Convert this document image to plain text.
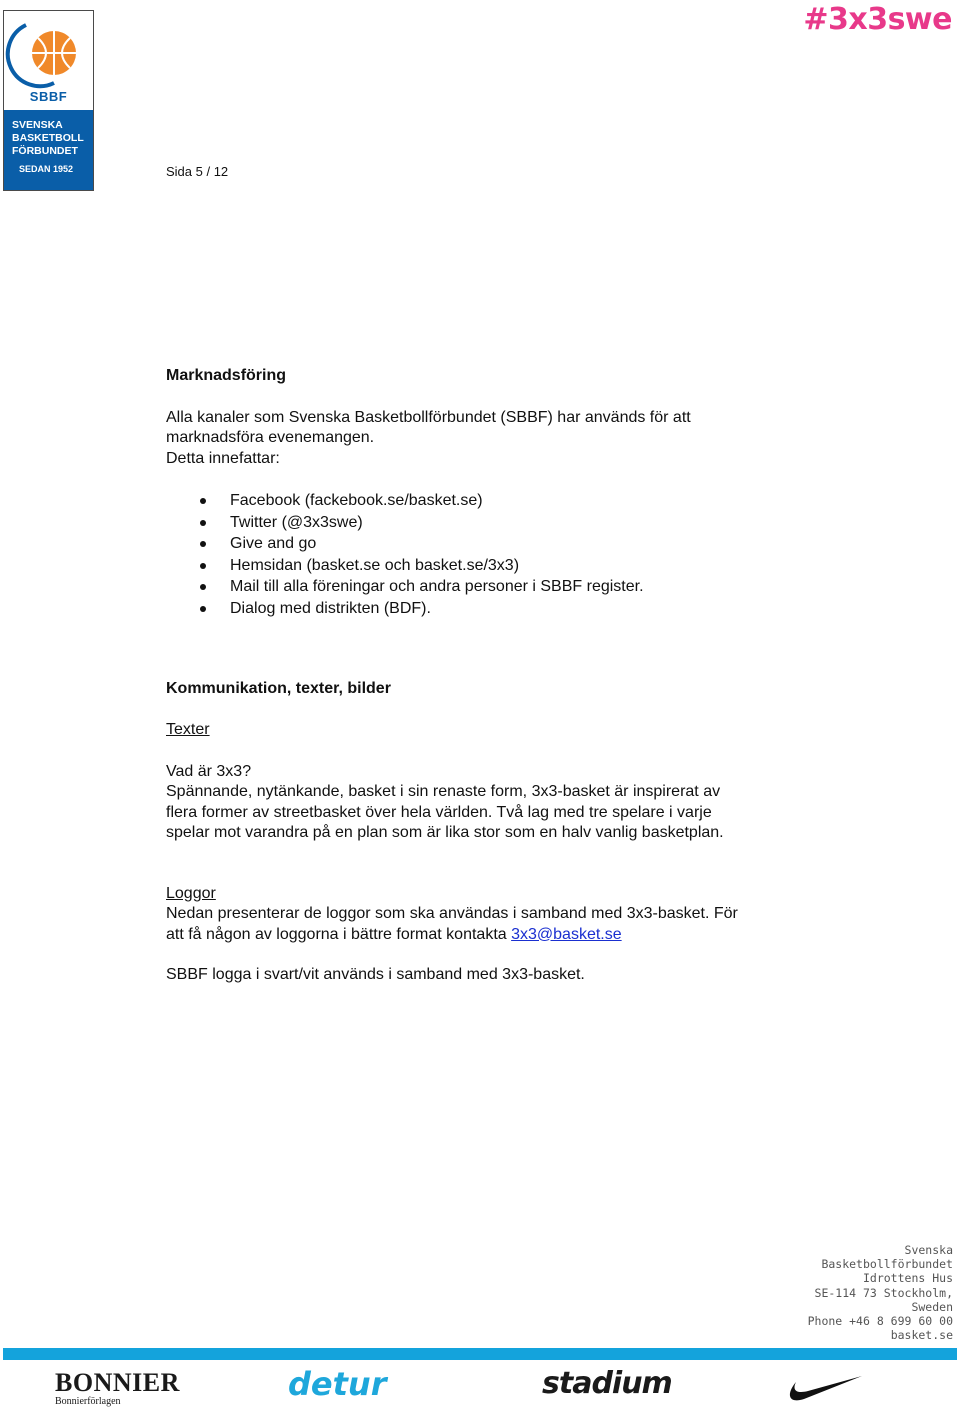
SBBF
SVENSKA
BASKETBOLL
FÖRBUNDET
SEDAN 1952
#3x3swe
Sida 5 / 12
Marknadsföring

Alla kanaler som Svenska Basketbollförbundet (SBBF) har används för att
marknadsföra evenemangen.
Detta innefattar:

Facebook (fackebook.se/basket.se)
Twitter (@3x3swe)
Give and go
Hemsidan (basket.se och basket.se/3x3)
Mail till alla föreningar och andra personer i SBBF register.
Dialog med distrikten (BDF).
Kommunikation, texter, bilder
Texter
Vad är 3x3?

Spännande, nytänkande, basket i sin renaste form, 3x3-basket är inspirerat av
flera former av streetbasket över hela världen. Två lag med tre spelare i varje
spelar mot varandra på en plan som är lika stor som en halv vanlig basketplan.

Loggor

Nedan presenterar de loggor som ska användas i samband med 3x3-basket. För
att få någon av loggorna i bättre format kontakta 3x3@basket.se

SBBF logga i svart/vit används i samband med 3x3-basket.
Svenska
Basketbollförbundet
Idrottens Hus
SE-114 73 Stockholm,
Sweden
Phone +46 8 699 60 00
basket.se
BONNIER
Bonnierförlagen	detur	stadium
